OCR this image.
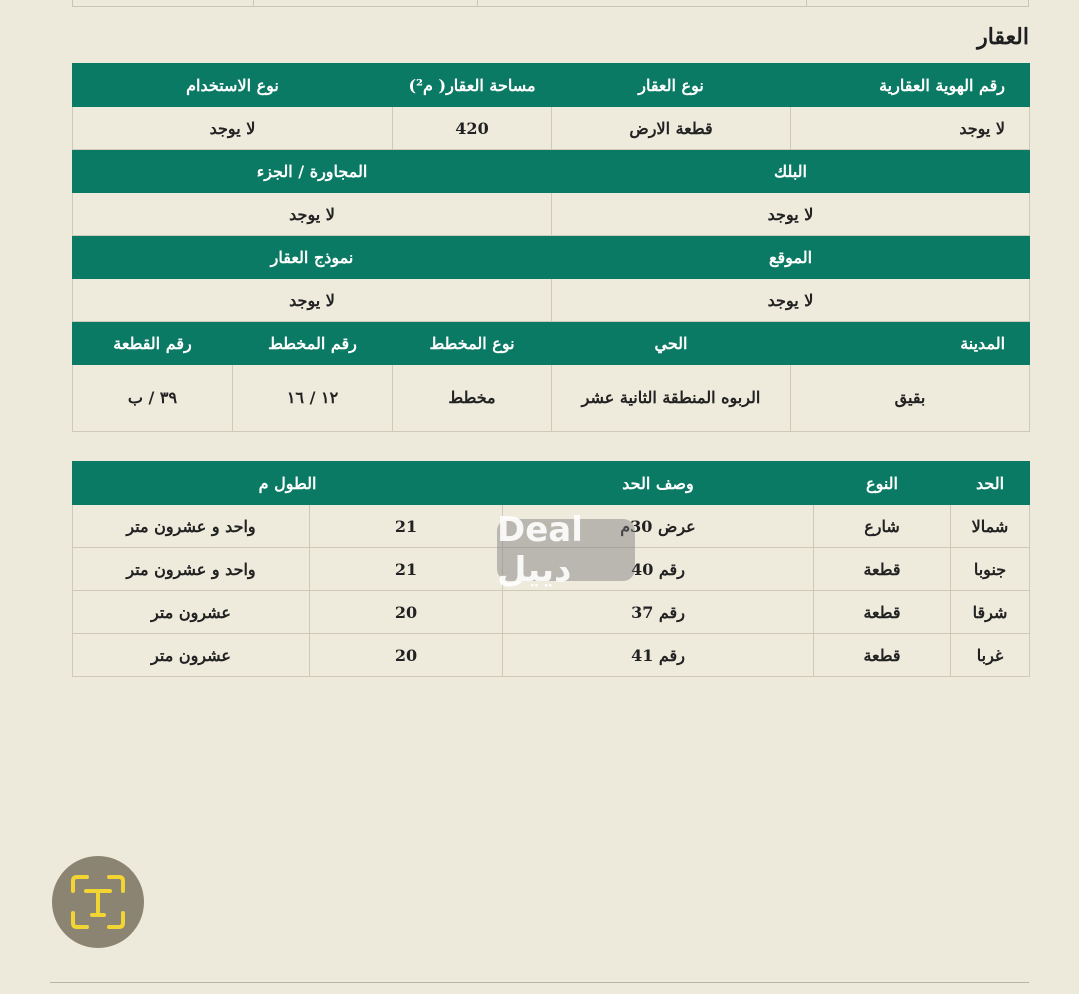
العقار
رقم الهوية العقارية	نوع العقار	مساحة العقار( م²)	نوع الاستخدام	
لا يوجد	قطعة الارض	420	لا يوجد	
البلك		المجاورة / الجزء		
لا يوجد		لا يوجد		
الموقع		نموذج العقار		
لا يوجد		لا يوجد		
المدينة	الحي	نوع المخطط	رقم المخطط	رقم القطعة
بقيق	الربوه المنطقة الثانية عشر	مخطط	١٢ / ١٦	٣٩ / ب
الحد	النوع	وصف الحد	الطول م	
شمالا	شارع	عرض 30م	21	واحد و عشرون متر
جنوبا	قطعة	رقم 40	21	واحد و عشرون متر
شرقا	قطعة	رقم 37	20	عشرون متر
غربا	قطعة	رقم 41	20	عشرون متر
Deal دييل
